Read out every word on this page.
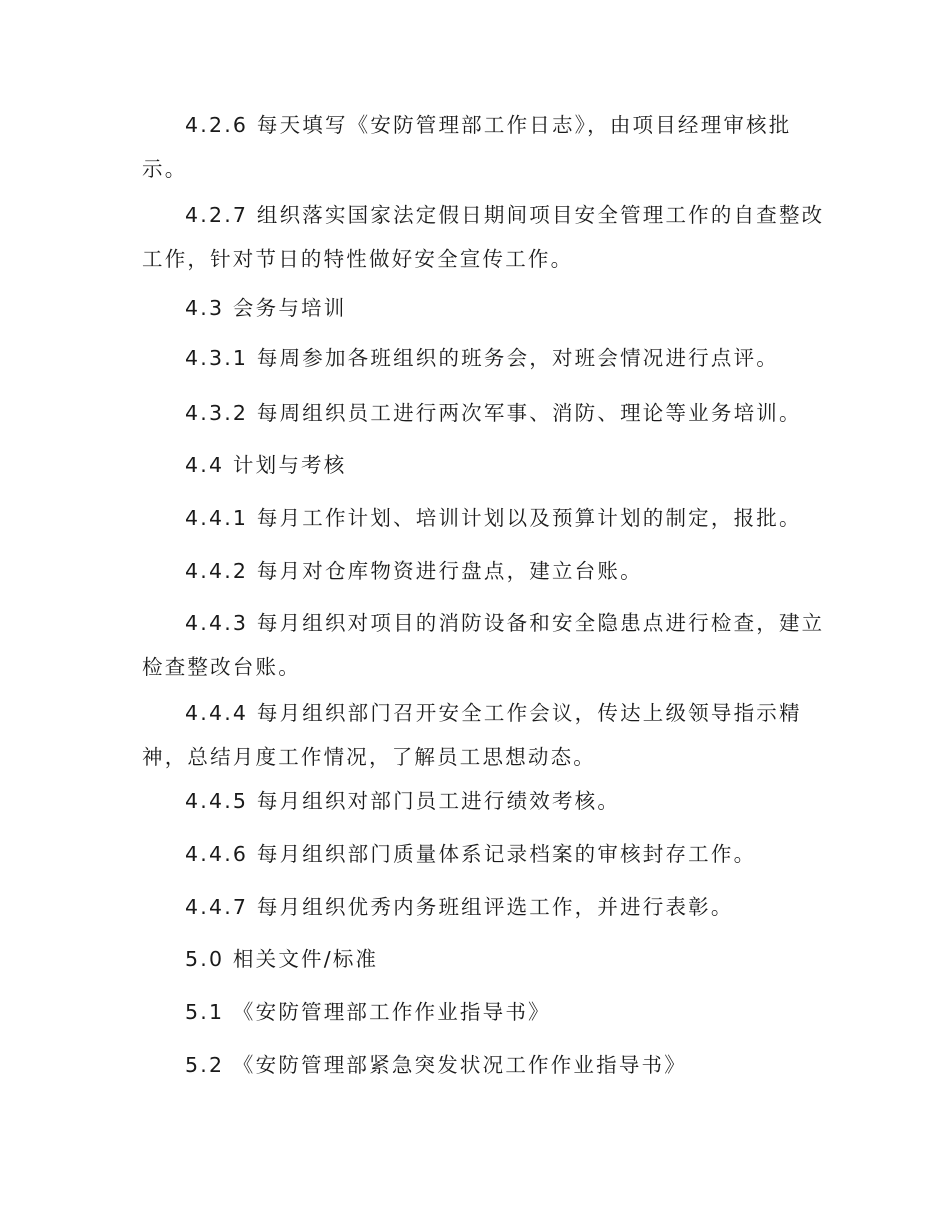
4.2.6 每天填写《安防管理部工作日志》，由项目经理审核批
示。
4.2.7 组织落实国家法定假日期间项目安全管理工作的自查整改
工作，针对节日的特性做好安全宣传工作。
4.3 会务与培训
4.3.1 每周参加各班组织的班务会，对班会情况进行点评。
4.3.2 每周组织员工进行两次军事、消防、理论等业务培训。
4.4 计划与考核
4.4.1 每月工作计划、培训计划以及预算计划的制定，报批。
4.4.2 每月对仓库物资进行盘点，建立台账。
4.4.3 每月组织对项目的消防设备和安全隐患点进行检查，建立
检查整改台账。
4.4.4 每月组织部门召开安全工作会议，传达上级领导指示精
神，总结月度工作情况，了解员工思想动态。
4.4.5 每月组织对部门员工进行绩效考核。
4.4.6 每月组织部门质量体系记录档案的审核封存工作。
4.4.7 每月组织优秀内务班组评选工作，并进行表彰。
5.0 相关文件/标准
5.1 《安防管理部工作作业指导书》
5.2 《安防管理部紧急突发状况工作作业指导书》
